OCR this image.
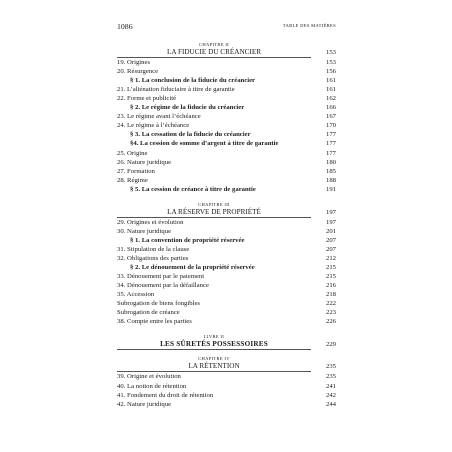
1086	TABLE DES MATIÈRES
CHAPITRE II
LA FIDUCIE DU CRÉANCIER	153
19. Origines	153
20. Résurgence	156
§ 1. La conclusion de la fiducie du créancier	161
21. L’aliénation fiduciaire à titre de garantie	161
22. Forme et publicité	162
§ 2. Le régime de la fiducie du créancier	166
23. Le régime avant l’échéance	167
24. Le régime à l’échéance	170
§ 3. La cessation de la fiducie du créancier	177
§4. La cession de somme d’argent à titre de garantie	177
25. Origine	177
26. Nature juridique	180
27. Formation	185
28. Régime	188
§ 5. La cession de créance à titre de garantie	191
CHAPITRE III
LA RÉSERVE DE PROPRIÉTÉ	197
29. Origines et évolution	197
30. Nature juridique	201
§ 1. La convention de propriété réservée	207
31. Stipulation de la clause	207
32. Obligations des parties	212
§ 2. Le dénouement de la propriété réservée	215
33. Dénouement par le paiement	215
34. Dénouement par la défaillance	216
35. Accession	218
Subrogation de biens fongibles	222
Subrogation de créance	223
38. Compte entre les parties	226
LIVRE II
LES SÛRETÉS POSSESSOIRES	229
CHAPITRE IV
LA RÉTENTION	235
39. Origine et évolution	235
40. La notion de rétention	241
41. Fondement du droit de rétention	242
42. Nature juridique	244
